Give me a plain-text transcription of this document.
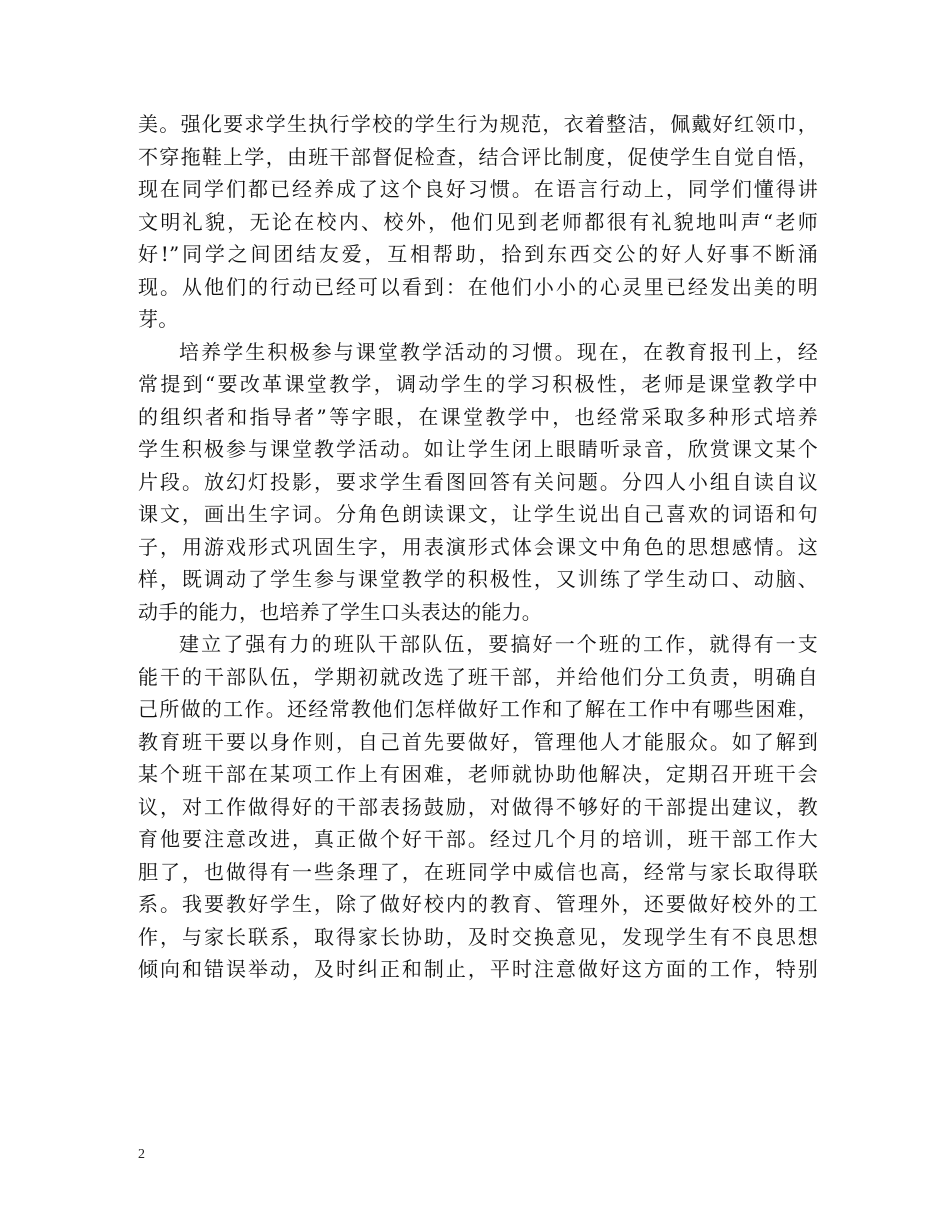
美。强化要求学生执行学校的学生行为规范，衣着整洁，佩戴好红领巾，
不穿拖鞋上学，由班干部督促检查，结合评比制度，促使学生自觉自悟，
现在同学们都已经养成了这个良好习惯。在语言行动上，同学们懂得讲
文明礼貌，无论在校内、校外，他们见到老师都很有礼貌地叫声“老师
好!”同学之间团结友爱，互相帮助，拾到东西交公的好人好事不断涌
现。从他们的行动已经可以看到：在他们小小的心灵里已经发出美的明
芽。
培养学生积极参与课堂教学活动的习惯。现在，在教育报刊上，经
常提到“要改革课堂教学，调动学生的学习积极性，老师是课堂教学中
的组织者和指导者”等字眼，在课堂教学中，也经常采取多种形式培养
学生积极参与课堂教学活动。如让学生闭上眼睛听录音，欣赏课文某个
片段。放幻灯投影，要求学生看图回答有关问题。分四人小组自读自议
课文，画出生字词。分角色朗读课文，让学生说出自己喜欢的词语和句
子，用游戏形式巩固生字，用表演形式体会课文中角色的思想感情。这
样，既调动了学生参与课堂教学的积极性，又训练了学生动口、动脑、
动手的能力，也培养了学生口头表达的能力。
建立了强有力的班队干部队伍，要搞好一个班的工作，就得有一支
能干的干部队伍，学期初就改选了班干部，并给他们分工负责，明确自
己所做的工作。还经常教他们怎样做好工作和了解在工作中有哪些困难，
教育班干要以身作则，自己首先要做好，管理他人才能服众。如了解到
某个班干部在某项工作上有困难，老师就协助他解决，定期召开班干会
议，对工作做得好的干部表扬鼓励，对做得不够好的干部提出建议，教
育他要注意改进，真正做个好干部。经过几个月的培训，班干部工作大
胆了，也做得有一些条理了，在班同学中威信也高，经常与家长取得联
系。我要教好学生，除了做好校内的教育、管理外，还要做好校外的工
作，与家长联系，取得家长协助，及时交换意见，发现学生有不良思想
倾向和错误举动，及时纠正和制止，平时注意做好这方面的工作，特别
2
